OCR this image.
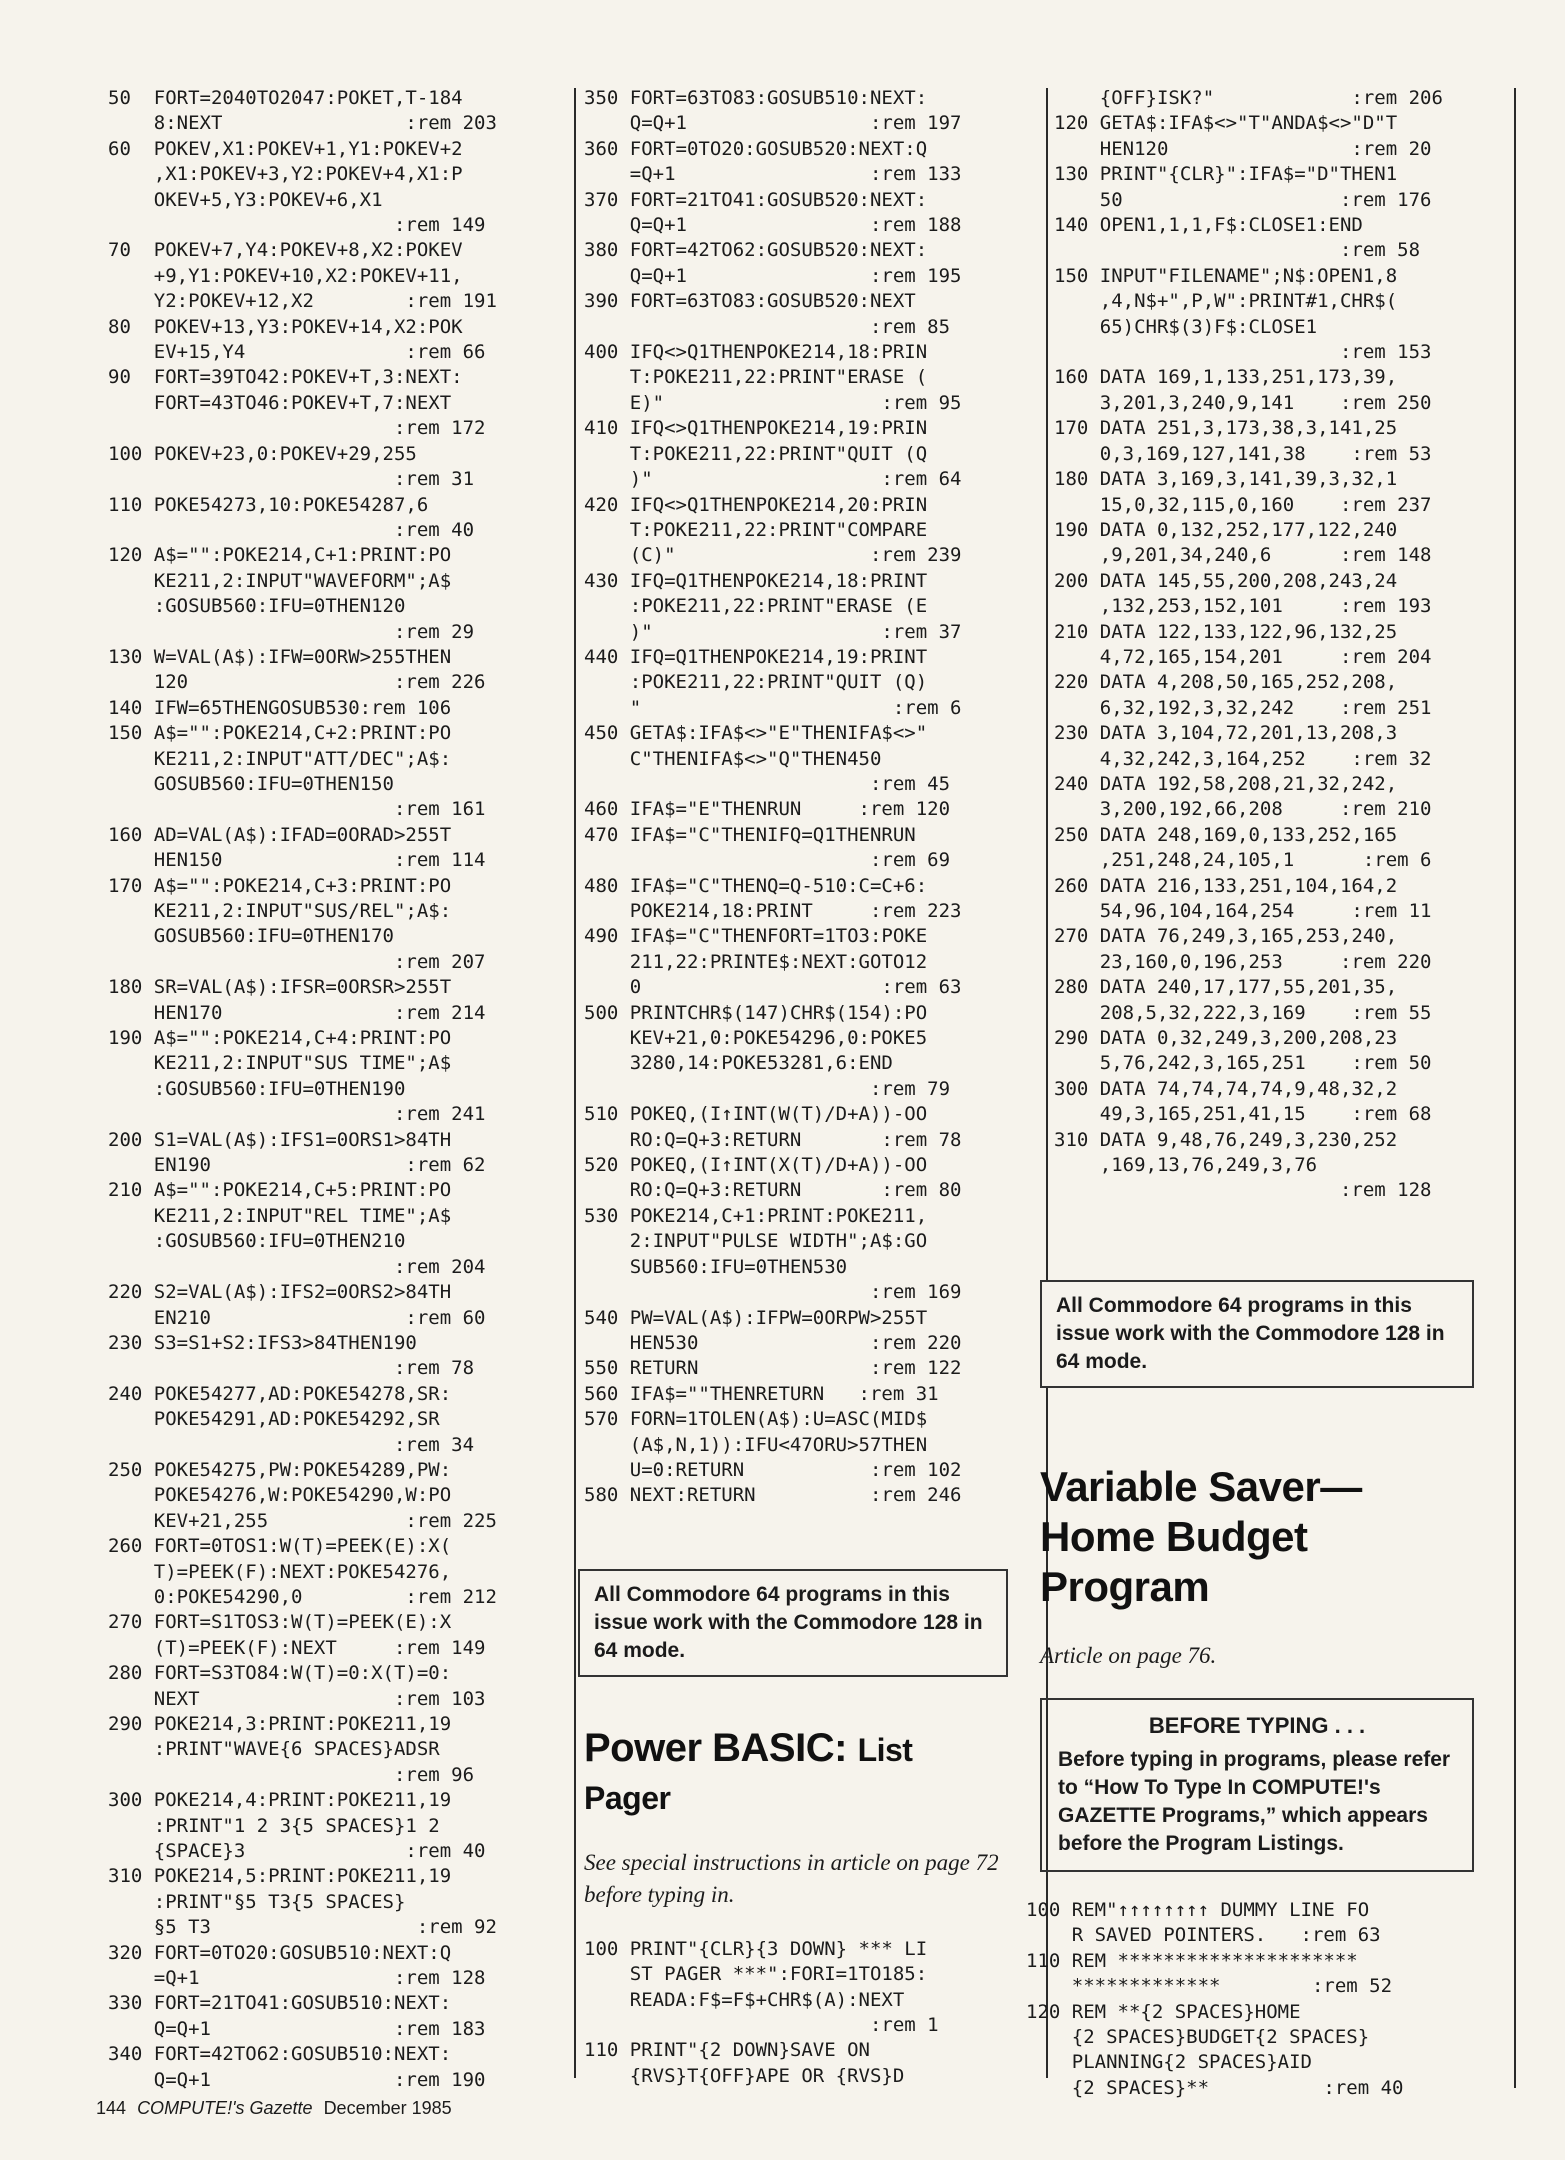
50	FORT=2040TO2047:POKET,T-184
8:NEXT                :rem 203
60	POKEV,X1:POKEV+1,Y1:POKEV+2
,X1:POKEV+3,Y2:POKEV+4,X1:P
OKEV+5,Y3:POKEV+6,X1
:rem 149
70	POKEV+7,Y4:POKEV+8,X2:POKEV
+9,Y1:POKEV+10,X2:POKEV+11,
Y2:POKEV+12,X2        :rem 191
80	POKEV+13,Y3:POKEV+14,X2:POK
EV+15,Y4              :rem 66
90	FORT=39TO42:POKEV+T,3:NEXT:
FORT=43TO46:POKEV+T,7:NEXT
:rem 172
100 POKEV+23,0:POKEV+29,255
:rem 31
110 POKE54273,10:POKE54287,6
:rem 40
120 A$="":POKE214,C+1:PRINT:PO
KE211,2:INPUT"WAVEFORM";A$
:GOSUB560:IFU=0THEN120
:rem 29
130 W=VAL(A$):IFW=0ORW>255THEN
120                  :rem 226
140 IFW=65THENGOSUB530:rem 106
150 A$="":POKE214,C+2:PRINT:PO
KE211,2:INPUT"ATT/DEC";A$:
GOSUB560:IFU=0THEN150
:rem 161
160 AD=VAL(A$):IFAD=0ORAD>255T
HEN150               :rem 114
170 A$="":POKE214,C+3:PRINT:PO
KE211,2:INPUT"SUS/REL";A$:
GOSUB560:IFU=0THEN170
:rem 207
180 SR=VAL(A$):IFSR=0ORSR>255T
HEN170               :rem 214
190 A$="":POKE214,C+4:PRINT:PO
KE211,2:INPUT"SUS TIME";A$
:GOSUB560:IFU=0THEN190
:rem 241
200 S1=VAL(A$):IFS1=0ORS1>84TH
EN190                 :rem 62
210 A$="":POKE214,C+5:PRINT:PO
KE211,2:INPUT"REL TIME";A$
:GOSUB560:IFU=0THEN210
:rem 204
220 S2=VAL(A$):IFS2=0ORS2>84TH
EN210                 :rem 60
230 S3=S1+S2:IFS3>84THEN190
:rem 78
240 POKE54277,AD:POKE54278,SR:
POKE54291,AD:POKE54292,SR
:rem 34
250 POKE54275,PW:POKE54289,PW:
POKE54276,W:POKE54290,W:PO
KEV+21,255            :rem 225
260 FORT=0TOS1:W(T)=PEEK(E):X(
T)=PEEK(F):NEXT:POKE54276,
0:POKE54290,0         :rem 212
270 FORT=S1TOS3:W(T)=PEEK(E):X
(T)=PEEK(F):NEXT     :rem 149
280 FORT=S3TO84:W(T)=0:X(T)=0:
NEXT                 :rem 103
290 POKE214,3:PRINT:POKE211,19
:PRINT"WAVE{6 SPACES}ADSR
:rem 96
300 POKE214,4:PRINT:POKE211,19
:PRINT"1 2 3{5 SPACES}1 2
{SPACE}3              :rem 40
310 POKE214,5:PRINT:POKE211,19
:PRINT"§5 T3{5 SPACES}
§5 T3                  :rem 92
320 FORT=0TO20:GOSUB510:NEXT:Q
=Q+1                 :rem 128
330 FORT=21TO41:GOSUB510:NEXT:
Q=Q+1                :rem 183
340 FORT=42TO62:GOSUB510:NEXT:
Q=Q+1                :rem 190
350 FORT=63TO83:GOSUB510:NEXT:
Q=Q+1                :rem 197
360 FORT=0TO20:GOSUB520:NEXT:Q
=Q+1                 :rem 133
370 FORT=21TO41:GOSUB520:NEXT:
Q=Q+1                :rem 188
380 FORT=42TO62:GOSUB520:NEXT:
Q=Q+1                :rem 195
390 FORT=63TO83:GOSUB520:NEXT
:rem 85
400 IFQ<>Q1THENPOKE214,18:PRIN
T:POKE211,22:PRINT"ERASE (
E)"                   :rem 95
410 IFQ<>Q1THENPOKE214,19:PRIN
T:POKE211,22:PRINT"QUIT (Q
)"                    :rem 64
420 IFQ<>Q1THENPOKE214,20:PRIN
T:POKE211,22:PRINT"COMPARE
(C)"                 :rem 239
430 IFQ=Q1THENPOKE214,18:PRINT
:POKE211,22:PRINT"ERASE (E
)"                    :rem 37
440 IFQ=Q1THENPOKE214,19:PRINT
:POKE211,22:PRINT"QUIT (Q)
"                      :rem 6
450 GETA$:IFA$<>"E"THENIFA$<>"
C"THENIFA$<>"Q"THEN450
:rem 45
460 IFA$="E"THENRUN     :rem 120
470 IFA$="C"THENIFQ=Q1THENRUN
:rem 69
480 IFA$="C"THENQ=Q-510:C=C+6:
POKE214,18:PRINT     :rem 223
490 IFA$="C"THENFORT=1TO3:POKE
211,22:PRINTE$:NEXT:GOTO12
0                     :rem 63
500 PRINTCHR$(147)CHR$(154):PO
KEV+21,0:POKE54296,0:POKE5
3280,14:POKE53281,6:END
:rem 79
510 POKEQ,(I↑INT(W(T)/D+A))-OO
RO:Q=Q+3:RETURN       :rem 78
520 POKEQ,(I↑INT(X(T)/D+A))-OO
RO:Q=Q+3:RETURN       :rem 80
530 POKE214,C+1:PRINT:POKE211,
2:INPUT"PULSE WIDTH";A$:GO
SUB560:IFU=0THEN530
:rem 169
540 PW=VAL(A$):IFPW=0ORPW>255T
HEN530               :rem 220
550 RETURN               :rem 122
560 IFA$=""THENRETURN   :rem 31
570 FORN=1TOLEN(A$):U=ASC(MID$
(A$,N,1)):IFU<47ORU>57THEN
U=0:RETURN           :rem 102
580 NEXT:RETURN          :rem 246
All Commodore 64 programs in this issue work with the Commodore 128 in 64 mode.
Power BASIC: List
Pager

See special instructions in article on page 72 before typing in.

100 PRINT"{CLR}{3 DOWN} *** LI
ST PAGER ***":FORI=1TO185:
READA:F$=F$+CHR$(A):NEXT
:rem 1
110 PRINT"{2 DOWN}SAVE ON
{RVS}T{OFF}APE OR {RVS}D
{OFF}ISK?"            :rem 206
120 GETA$:IFA$<>"T"ANDA$<>"D"T
HEN120                :rem 20
130 PRINT"{CLR}":IFA$="D"THEN1
50                   :rem 176
140 OPEN1,1,1,F$:CLOSE1:END
:rem 58
150 INPUT"FILENAME";N$:OPEN1,8
,4,N$+",P,W":PRINT#1,CHR$(
65)CHR$(3)F$:CLOSE1
:rem 153
160 DATA 169,1,133,251,173,39,
3,201,3,240,9,141    :rem 250
170 DATA 251,3,173,38,3,141,25
0,3,169,127,141,38    :rem 53
180 DATA 3,169,3,141,39,3,32,1
15,0,32,115,0,160    :rem 237
190 DATA 0,132,252,177,122,240
,9,201,34,240,6      :rem 148
200 DATA 145,55,200,208,243,24
,132,253,152,101     :rem 193
210 DATA 122,133,122,96,132,25
4,72,165,154,201     :rem 204
220 DATA 4,208,50,165,252,208,
6,32,192,3,32,242    :rem 251
230 DATA 3,104,72,201,13,208,3
4,32,242,3,164,252    :rem 32
240 DATA 192,58,208,21,32,242,
3,200,192,66,208     :rem 210
250 DATA 248,169,0,133,252,165
,251,248,24,105,1      :rem 6
260 DATA 216,133,251,104,164,2
54,96,104,164,254     :rem 11
270 DATA 76,249,3,165,253,240,
23,160,0,196,253     :rem 220
280 DATA 240,17,177,55,201,35,
208,5,32,222,3,169    :rem 55
290 DATA 0,32,249,3,200,208,23
5,76,242,3,165,251    :rem 50
300 DATA 74,74,74,74,9,48,32,2
49,3,165,251,41,15    :rem 68
310 DATA 9,48,76,249,3,230,252
,169,13,76,249,3,76
:rem 128
All Commodore 64 programs in this issue work with the Commodore 128 in 64 mode.
Variable Saver—
Home Budget
Program

Article on page 76.

BEFORE TYPING . . .
Before typing in programs, please refer to “How To Type In COMPUTE!'s GAZETTE Programs,” which appears before the Program Listings.
100 REM"↑↑↑↑↑↑↑↑ DUMMY LINE FO
R SAVED POINTERS.   :rem 63
110 REM *********************
*************        :rem 52
120 REM **{2 SPACES}HOME
{2 SPACES}BUDGET{2 SPACES}
PLANNING{2 SPACES}AID
{2 SPACES}**          :rem 40
144 COMPUTE!'s Gazette December 1985
